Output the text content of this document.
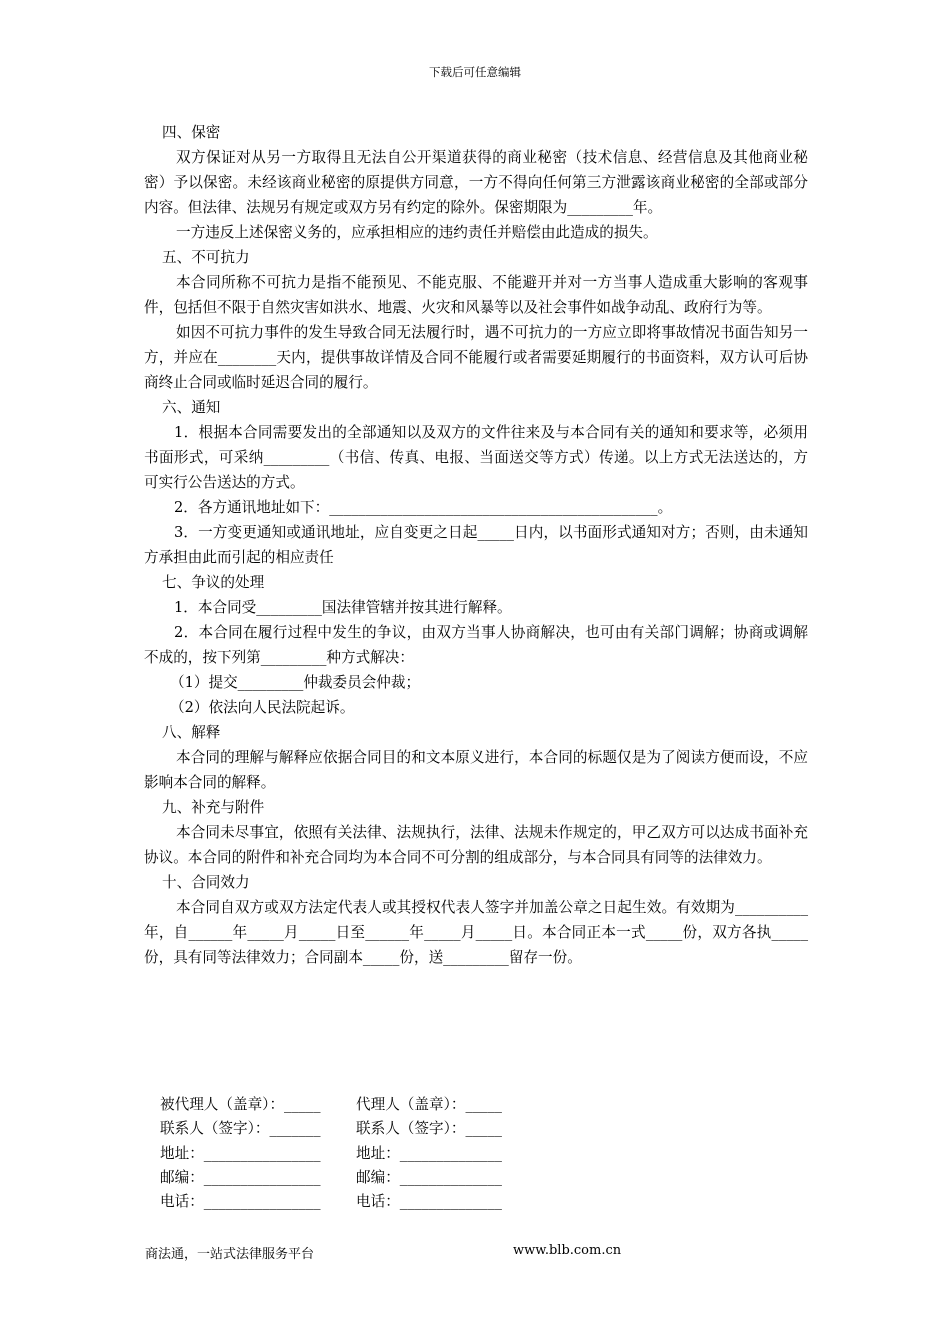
下载后可任意编辑
四、保密
双方保证对从另一方取得且无法自公开渠道获得的商业秘密（技术信息、经营信息及其他商业秘密）予以保密。未经该商业秘密的原提供方同意，一方不得向任何第三方泄露该商业秘密的全部或部分内容。但法律、法规另有规定或双方另有约定的除外。保密期限为_________年。
一方违反上述保密义务的，应承担相应的违约责任并赔偿由此造成的损失。
五、不可抗力
本合同所称不可抗力是指不能预见、不能克服、不能避开并对一方当事人造成重大影响的客观事件，包括但不限于自然灾害如洪水、地震、火灾和风暴等以及社会事件如战争动乱、政府行为等。
如因不可抗力事件的发生导致合同无法履行时，遇不可抗力的一方应立即将事故情况书面告知另一方，并应在________天内，提供事故详情及合同不能履行或者需要延期履行的书面资料，双方认可后协商终止合同或临时延迟合同的履行。
六、通知
1．根据本合同需要发出的全部通知以及双方的文件往来及与本合同有关的通知和要求等，必须用书面形式，可采纳_________（书信、传真、电报、当面送交等方式）传递。以上方式无法送达的，方可实行公告送达的方式。
2．各方通讯地址如下：_____________________________________________。
3．一方变更通知或通讯地址，应自变更之日起_____日内，以书面形式通知对方；否则，由未通知方承担由此而引起的相应责任
七、争议的处理
1．本合同受_________国法律管辖并按其进行解释。
2．本合同在履行过程中发生的争议，由双方当事人协商解决，也可由有关部门调解；协商或调解不成的，按下列第_________种方式解决：
（1）提交_________仲裁委员会仲裁；
（2）依法向人民法院起诉。
八、解释
本合同的理解与解释应依据合同目的和文本原义进行，本合同的标题仅是为了阅读方便而设，不应影响本合同的解释。
九、补充与附件
本合同未尽事宜，依照有关法律、法规执行，法律、法规未作规定的，甲乙双方可以达成书面补充协议。本合同的附件和补充合同均为本合同不可分割的组成部分，与本合同具有同等的法律效力。
十、合同效力
本合同自双方或双方法定代表人或其授权代表人签字并加盖公章之日起生效。有效期为__________年，自______年_____月_____日至______年_____月_____日。本合同正本一式_____份，双方各执_____份，具有同等法律效力；合同副本_____份，送_________留存一份。
被代理人（盖章）：_____	代理人（盖章）：_____
联系人（签字）：_______	联系人（签字）：_____
地址：________________	地址：______________
邮编：________________	邮编：______________
电话：________________	电话：______________
商法通，一站式法律服务平台	www.blb.com.cn
